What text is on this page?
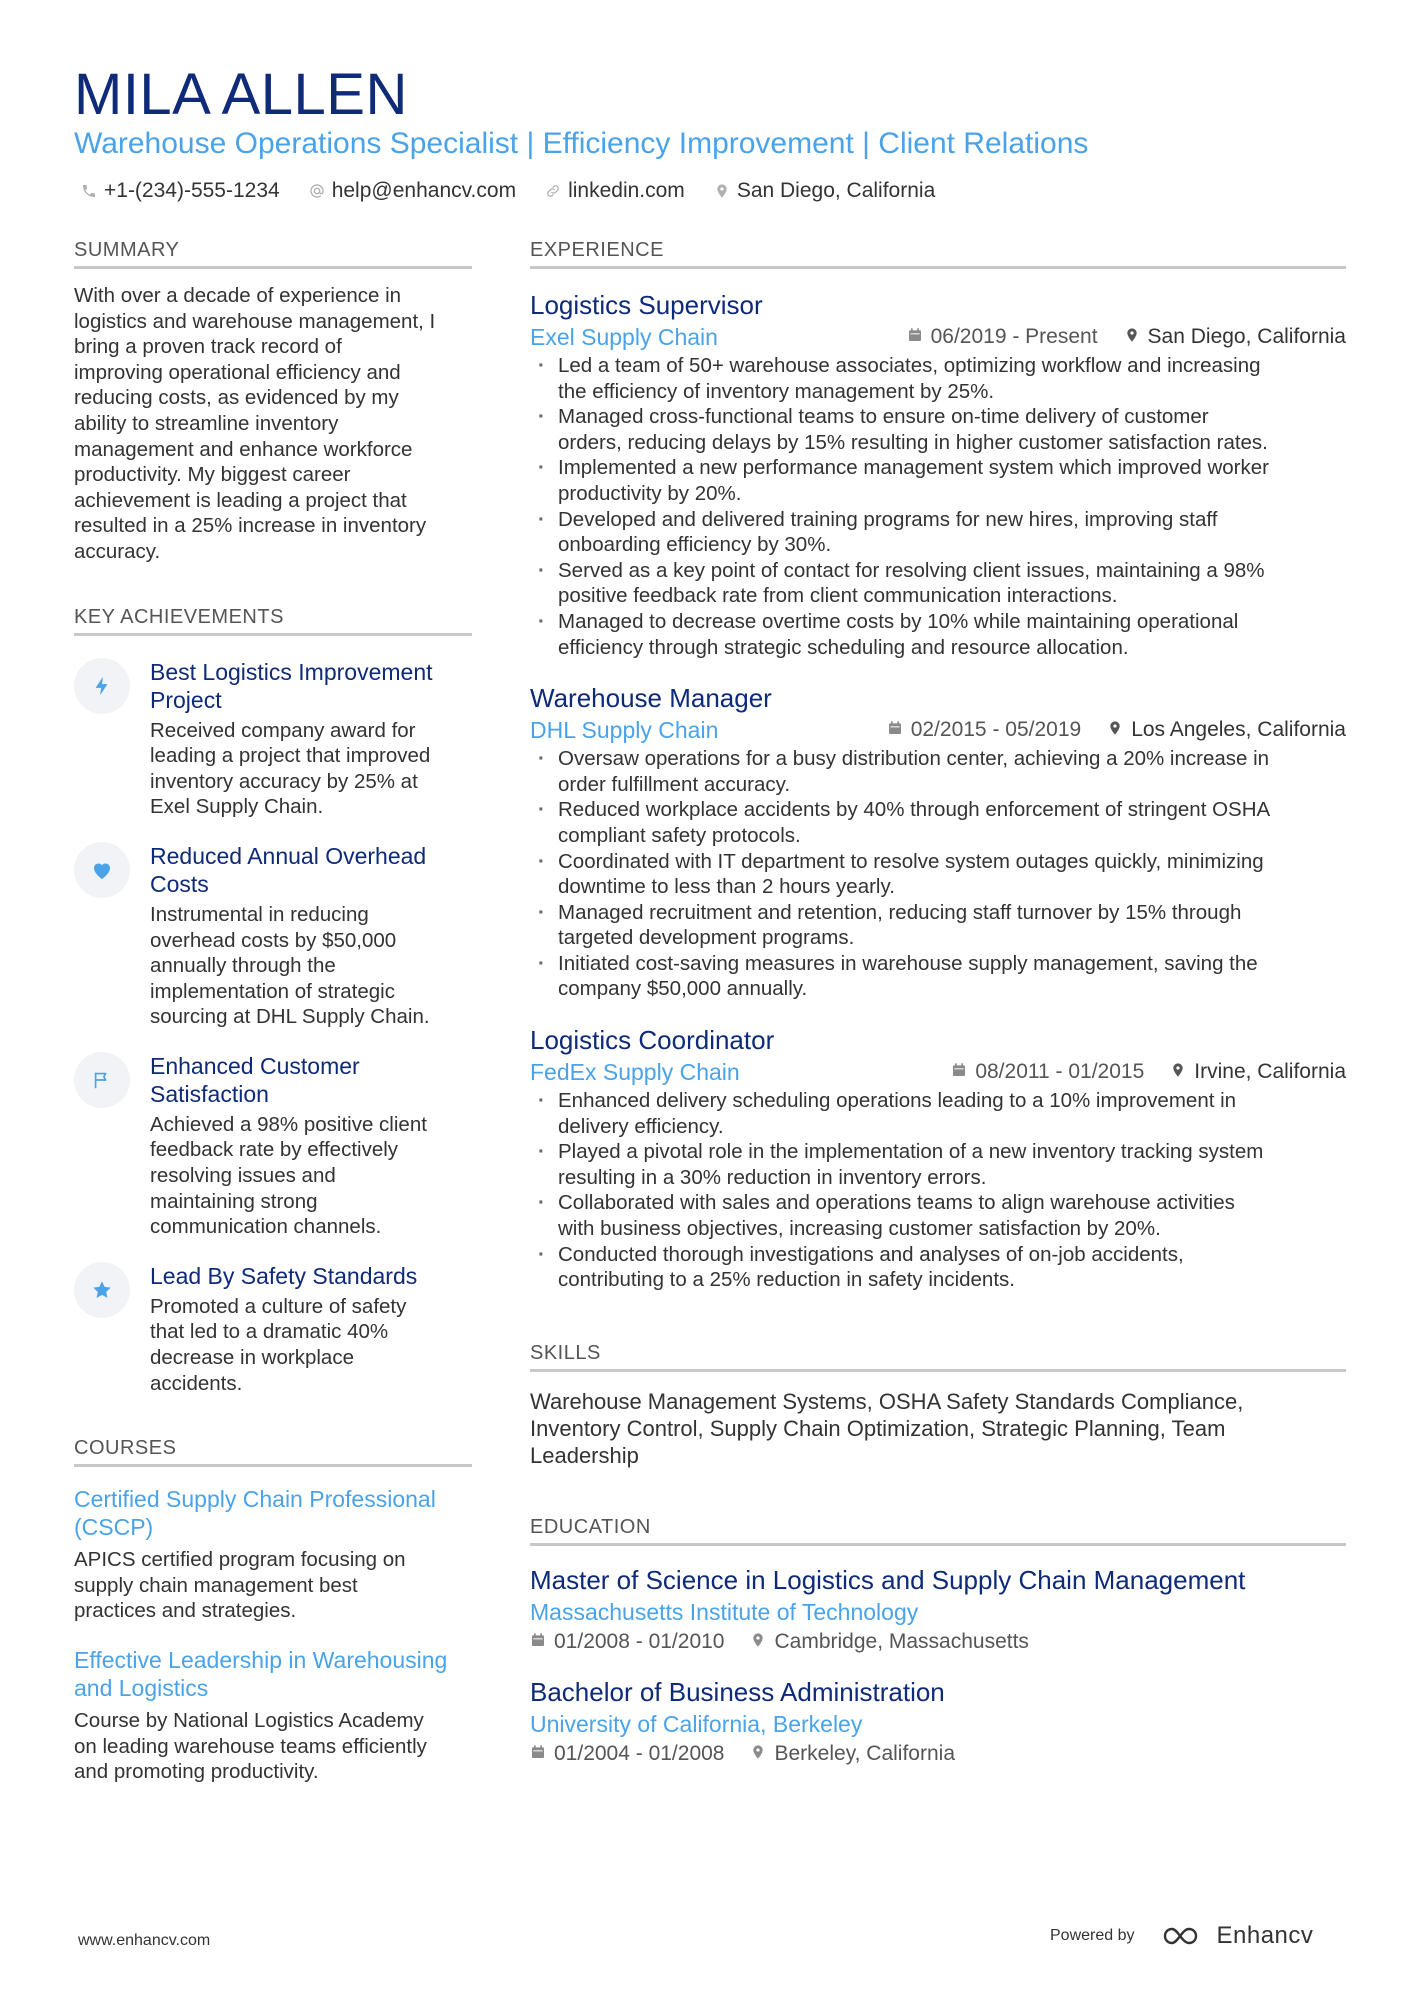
MILA ALLEN
Warehouse Operations Specialist | Efficiency Improvement | Client Relations
+1-(234)-555-1234 help@enhancv.com linkedin.com San Diego, California
SUMMARY
With over a decade of experience in
logistics and warehouse management, I
bring a proven track record of
improving operational efficiency and
reducing costs, as evidenced by my
ability to streamline inventory
management and enhance workforce
productivity. My biggest career
achievement is leading a project that
resulted in a 25% increase in inventory
accuracy.
KEY ACHIEVEMENTS
Best Logistics Improvement
Project
Received company award for
leading a project that improved
inventory accuracy by 25% at
Exel Supply Chain.
Reduced Annual Overhead
Costs
Instrumental in reducing
overhead costs by $50,000
annually through the
implementation of strategic
sourcing at DHL Supply Chain.
Enhanced Customer
Satisfaction
Achieved a 98% positive client
feedback rate by effectively
resolving issues and
maintaining strong
communication channels.
Lead By Safety Standards
Promoted a culture of safety
that led to a dramatic 40%
decrease in workplace
accidents.
COURSES
Certified Supply Chain Professional
(CSCP)
APICS certified program focusing on
supply chain management best
practices and strategies.
Effective Leadership in Warehousing
and Logistics
Course by National Logistics Academy
on leading warehouse teams efficiently
and promoting productivity.
EXPERIENCE
Logistics Supervisor
Exel Supply Chain	06/2019 - Present San Diego, California
· Led a team of 50+ warehouse associates, optimizing workflow and increasing
the efficiency of inventory management by 25%.
· Managed cross-functional teams to ensure on-time delivery of customer
orders, reducing delays by 15% resulting in higher customer satisfaction rates.
· Implemented a new performance management system which improved worker
productivity by 20%.
· Developed and delivered training programs for new hires, improving staff
onboarding efficiency by 30%.
· Served as a key point of contact for resolving client issues, maintaining a 98%
positive feedback rate from client communication interactions.
· Managed to decrease overtime costs by 10% while maintaining operational
efficiency through strategic scheduling and resource allocation.
Warehouse Manager
DHL Supply Chain	02/2015 - 05/2019 Los Angeles, California
· Oversaw operations for a busy distribution center, achieving a 20% increase in
order fulfillment accuracy.
· Reduced workplace accidents by 40% through enforcement of stringent OSHA
compliant safety protocols.
· Coordinated with IT department to resolve system outages quickly, minimizing
downtime to less than 2 hours yearly.
· Managed recruitment and retention, reducing staff turnover by 15% through
targeted development programs.
· Initiated cost-saving measures in warehouse supply management, saving the
company $50,000 annually.
Logistics Coordinator
FedEx Supply Chain	08/2011 - 01/2015 Irvine, California
· Enhanced delivery scheduling operations leading to a 10% improvement in
delivery efficiency.
· Played a pivotal role in the implementation of a new inventory tracking system
resulting in a 30% reduction in inventory errors.
· Collaborated with sales and operations teams to align warehouse activities
with business objectives, increasing customer satisfaction by 20%.
· Conducted thorough investigations and analyses of on-job accidents,
contributing to a 25% reduction in safety incidents.
SKILLS
Warehouse Management Systems, OSHA Safety Standards Compliance,
Inventory Control, Supply Chain Optimization, Strategic Planning, Team
Leadership
EDUCATION
Master of Science in Logistics and Supply Chain Management
Massachusetts Institute of Technology
01/2008 - 01/2010 Cambridge, Massachusetts
Bachelor of Business Administration
University of California, Berkeley
01/2004 - 01/2008 Berkeley, California
www.enhancv.com	Powered by	Enhancv
